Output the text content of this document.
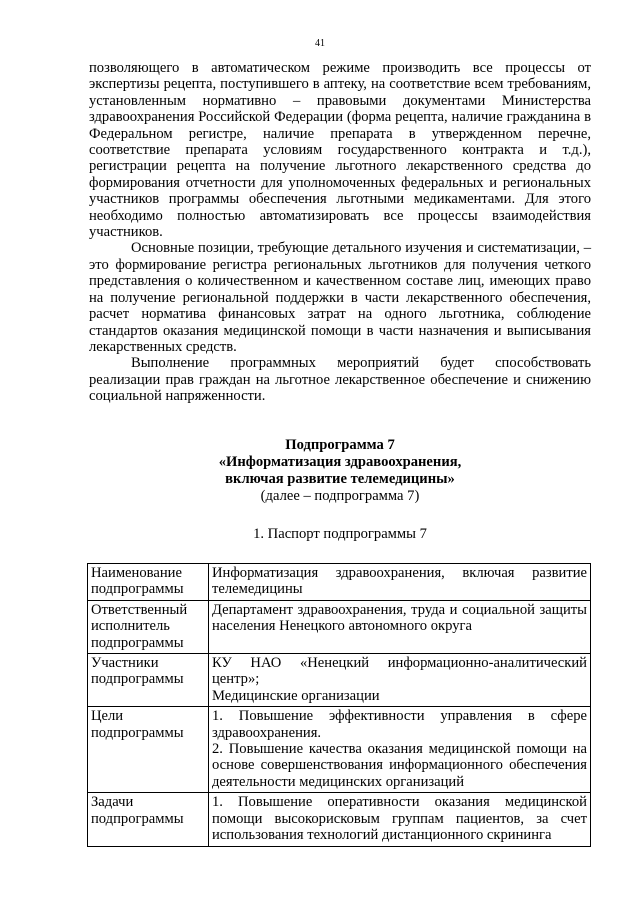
41

позволяющего в автоматическом режиме производить все процессы от экспертизы рецепта, поступившего в аптеку, на соответствие всем требованиям, установленным нормативно – правовыми документами Министерства здравоохранения Российской Федерации (форма рецепта, наличие гражданина в Федеральном регистре, наличие препарата в утвержденном перечне, соответствие препарата условиям государственного контракта и т.д.), регистрации рецепта на получение льготного лекарственного средства до формирования отчетности для уполномоченных федеральных и региональных участников программы обеспечения льготными медикаментами. Для этого необходимо полностью автоматизировать все процессы взаимодействия участников.

Основные позиции, требующие детального изучения и систематизации, – это формирование регистра региональных льготников для получения четкого представления о количественном и качественном составе лиц, имеющих право на получение региональной поддержки в части лекарственного обеспечения, расчет норматива финансовых затрат на одного льготника, соблюдение стандартов оказания медицинской помощи в части назначения и выписывания лекарственных средств.

Выполнение программных мероприятий будет способствовать реализации прав граждан на льготное лекарственное обеспечение и снижению социальной напряженности.

Подпрограмма 7
«Информатизация здравоохранения,
включая развитие телемедицины»
(далее – подпрограмма 7)
1. Паспорт подпрограммы 7
Наименование подпрограммы	Информатизация здравоохранения, включая развитие телемедицины

Ответственный исполнитель подпрограммы	Департамент здравоохранения, труда и социальной защиты населения Ненецкого автономного округа

Участники подпрограммы	КУ НАО «Ненецкий информационно-аналитический центр»;
Медицинские организации

Цели подпрограммы	1. Повышение эффективности управления в сфере здравоохранения.
2. Повышение качества оказания медицинской помощи на основе совершенствования информационного обеспечения деятельности медицинских организаций

Задачи подпрограммы	1. Повышение оперативности оказания медицинской помощи высокорисковым группам пациентов, за счет использования технологий дистанционного скрининга
